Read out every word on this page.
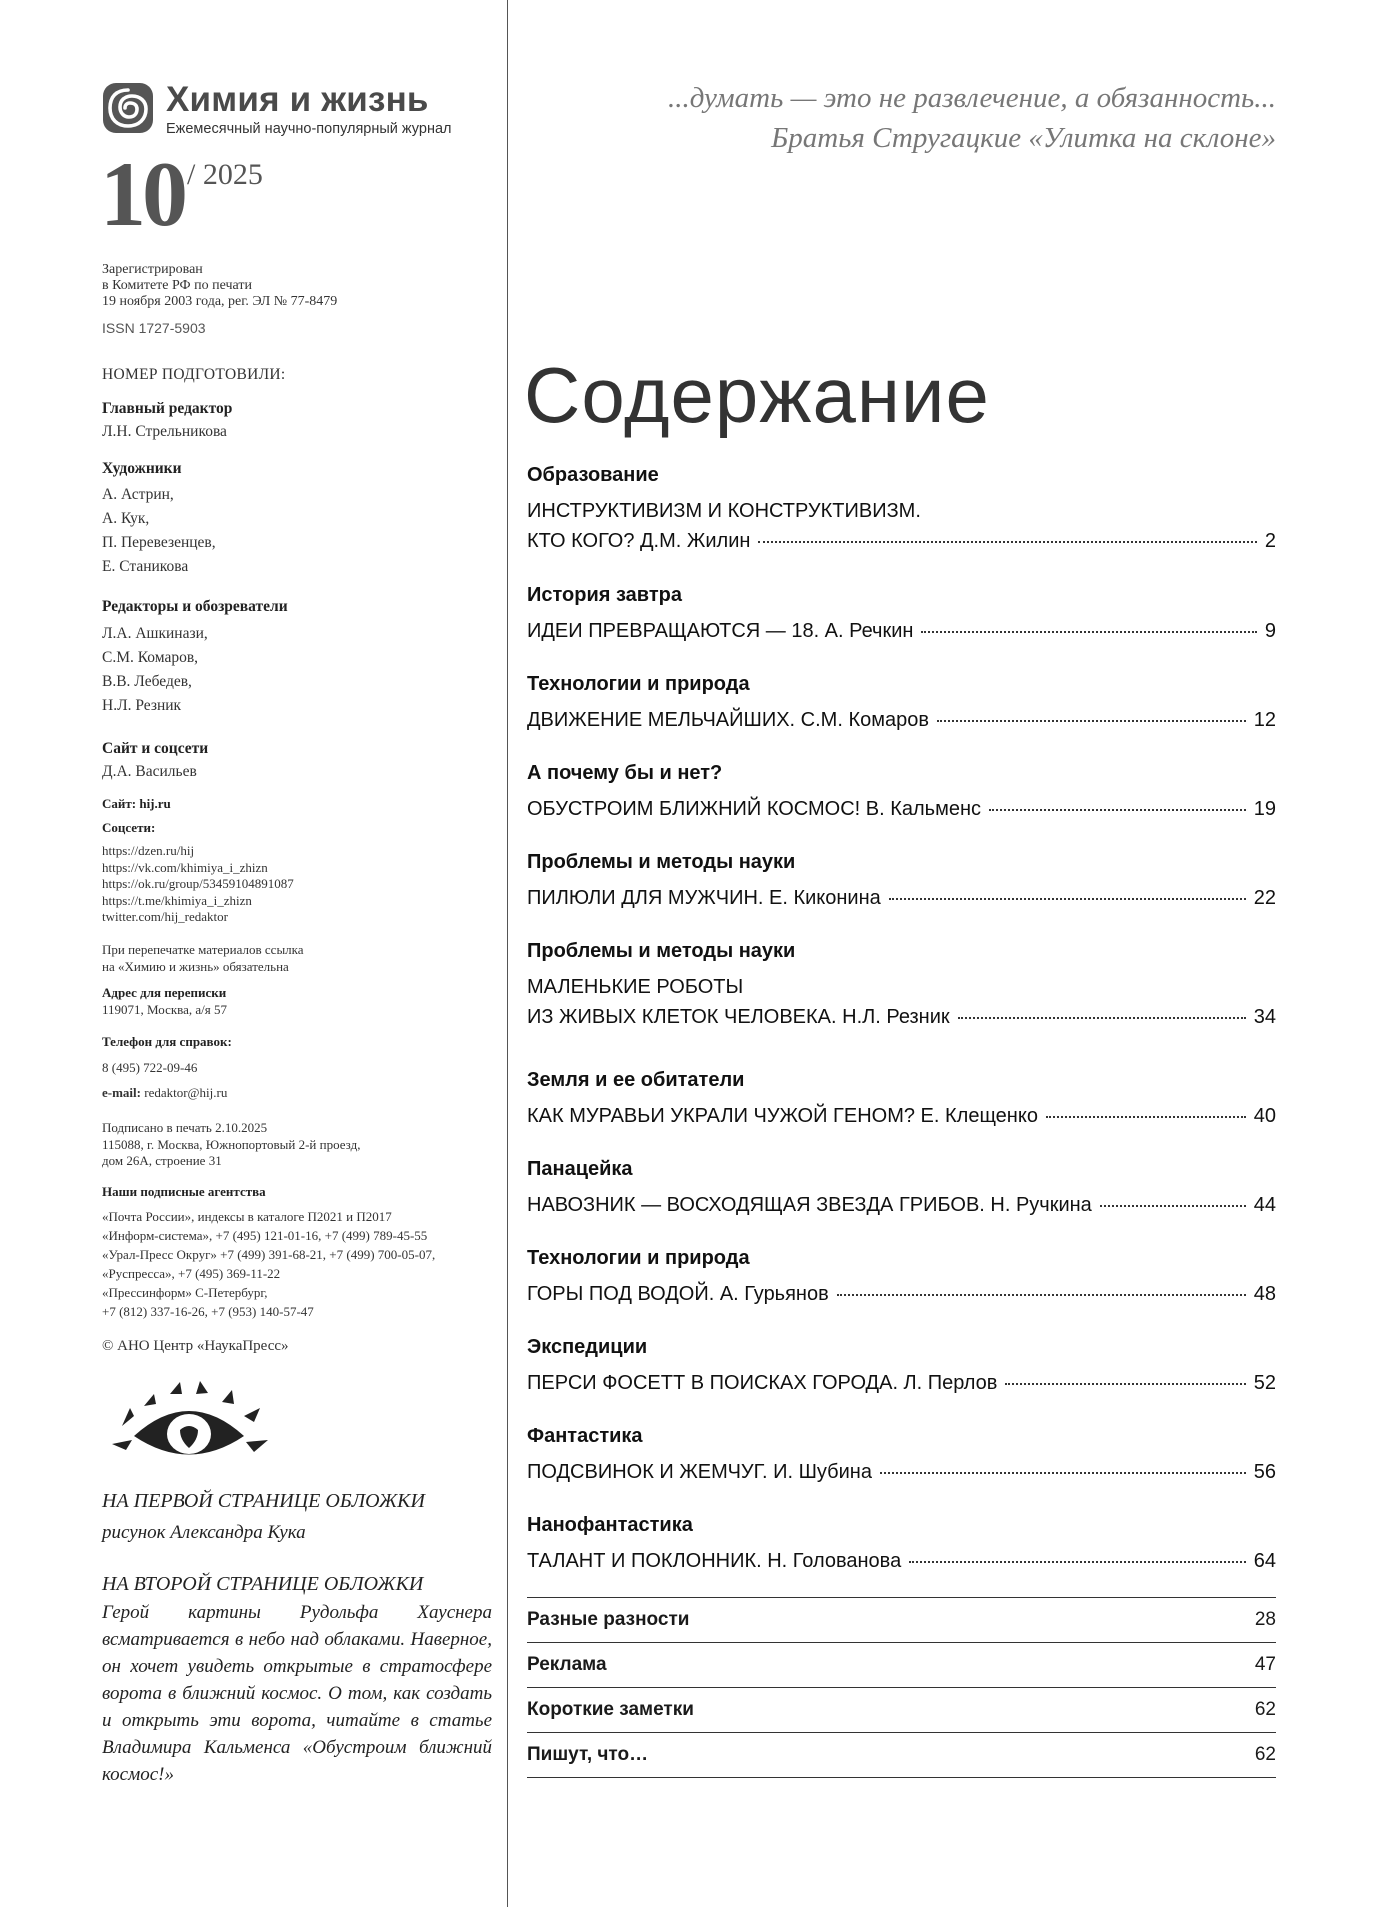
Химия и жизнь
Ежемесячный научно-популярный журнал
10 / 2025
Зарегистрирован
в Комитете РФ по печати
19 ноября 2003 года, рег. ЭЛ № 77-8479
ISSN 1727-5903
НОМЕР ПОДГОТОВИЛИ:
Главный редактор
Л.Н. Стрельникова
Художники
А. Астрин,
А. Кук,
П. Перевезенцев,
Е. Станикова
Редакторы и обозреватели
Л.А. Ашкинази,
С.М. Комаров,
В.В. Лебедев,
Н.Л. Резник
Сайт и соцсети
Д.А. Васильев
Сайт: hij.ru
Соцсети:
https://dzen.ru/hij
https://vk.com/khimiya_i_zhizn
https://ok.ru/group/53459104891087
https://t.me/khimiya_i_zhizn
twitter.com/hij_redaktor
При перепечатке материалов ссылка
на «Химию и жизнь» обязательна
Адрес для переписки
119071, Москва, а/я 57
Телефон для справок:
8 (495) 722-09-46
e-mail: redaktor@hij.ru
Подписано в печать 2.10.2025
115088, г. Москва, Южнопортовый 2-й проезд,
дом 26А, строение 31
Наши подписные агентства
«Почта России», индексы в каталоге П2021 и П2017
«Информ-система», +7 (495) 121-01-16, +7 (499) 789-45-55
«Урал-Пресс Округ» +7 (499) 391-68-21, +7 (499) 700-05-07,
«Руспресса», +7 (495) 369-11-22
«Прессинформ» С-Петербург,
+7 (812) 337-16-26, +7 (953) 140-57-47
© АНО Центр «НаукаПресс»
НА ПЕРВОЙ СТРАНИЦЕ ОБЛОЖКИ
рисунок Александра Кука
НА ВТОРОЙ СТРАНИЦЕ ОБЛОЖКИ
Герой картины Рудольфа Хауснера всматривается в небо над облаками. Наверное, он хочет увидеть открытые в стратосфере ворота в ближний космос. О том, как создать и открыть эти ворота, читайте в статье Владимира Кальменса «Обустроим ближний космос!»
...думать — это не развлечение, а обязанность...
Братья Стругацкие «Улитка на склоне»
Содержание
Образование
ИНСТРУКТИВИЗМ И КОНСТРУКТИВИЗМ.
КТО КОГО? Д.М. Жилин	2
История завтра
ИДЕИ ПРЕВРАЩАЮТСЯ — 18. А. Речкин	9
Технологии и природа
ДВИЖЕНИЕ МЕЛЬЧАЙШИХ. С.М. Комаров	12
А почему бы и нет?
ОБУСТРОИМ БЛИЖНИЙ КОСМОС! В. Кальменс	19
Проблемы и методы науки
ПИЛЮЛИ ДЛЯ МУЖЧИН. Е. Киконина	22
Проблемы и методы науки
МАЛЕНЬКИЕ РОБОТЫ
ИЗ ЖИВЫХ КЛЕТОК ЧЕЛОВЕКА. Н.Л. Резник	34
Земля и ее обитатели
КАК МУРАВЬИ УКРАЛИ ЧУЖОЙ ГЕНОМ? Е. Клещенко	40
Панацейка
НАВОЗНИК — ВОСХОДЯЩАЯ ЗВЕЗДА ГРИБОВ. Н. Ручкина	44
Технологии и природа
ГОРЫ ПОД ВОДОЙ. А. Гурьянов	48
Экспедиции
ПЕРСИ ФОСЕТТ В ПОИСКАХ ГОРОДА. Л. Перлов	52
Фантастика
ПОДСВИНОК И ЖЕМЧУГ. И. Шубина	56
Нанофантастика
ТАЛАНТ И ПОКЛОННИК. Н. Голованова	64
Разные разности	28
Реклама	47
Короткие заметки	62
Пишут, что…	62
